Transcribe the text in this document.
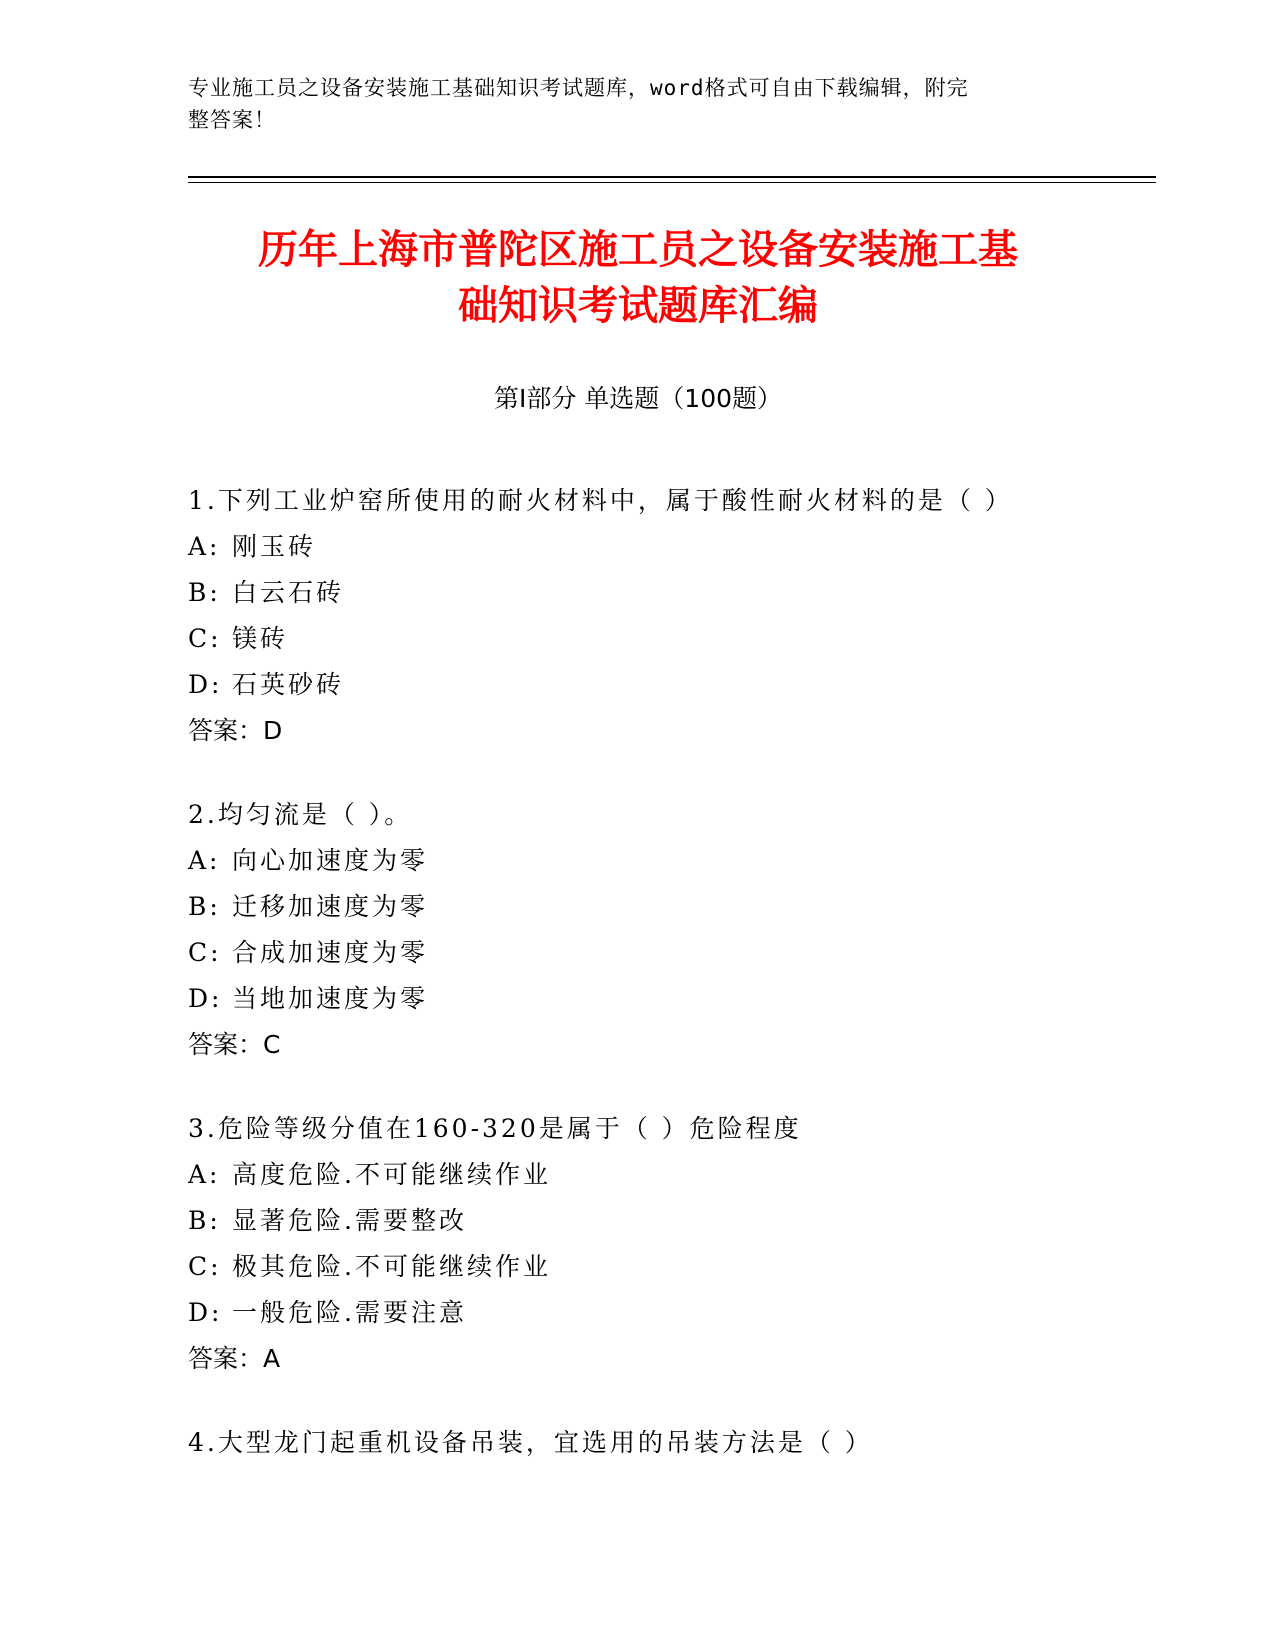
专业施工员之设备安装施工基础知识考试题库，word格式可自由下载编辑，附完
整答案！
历年上海市普陀区施工员之设备安装施工基
础知识考试题库汇编
第Ⅰ部分 单选题（100题）
1.下列工业炉窑所使用的耐火材料中，属于酸性耐火材料的是（ ）
A: 刚玉砖
B: 白云石砖
C: 镁砖
D: 石英砂砖
答案：D
2.均匀流是（ ）。
A: 向心加速度为零
B: 迁移加速度为零
C: 合成加速度为零
D: 当地加速度为零
答案：C
3.危险等级分值在160-320是属于（ ）危险程度
A: 高度危险.不可能继续作业
B: 显著危险.需要整改
C: 极其危险.不可能继续作业
D: 一般危险.需要注意
答案：A
4.大型龙门起重机设备吊装，宜选用的吊装方法是（ ）
